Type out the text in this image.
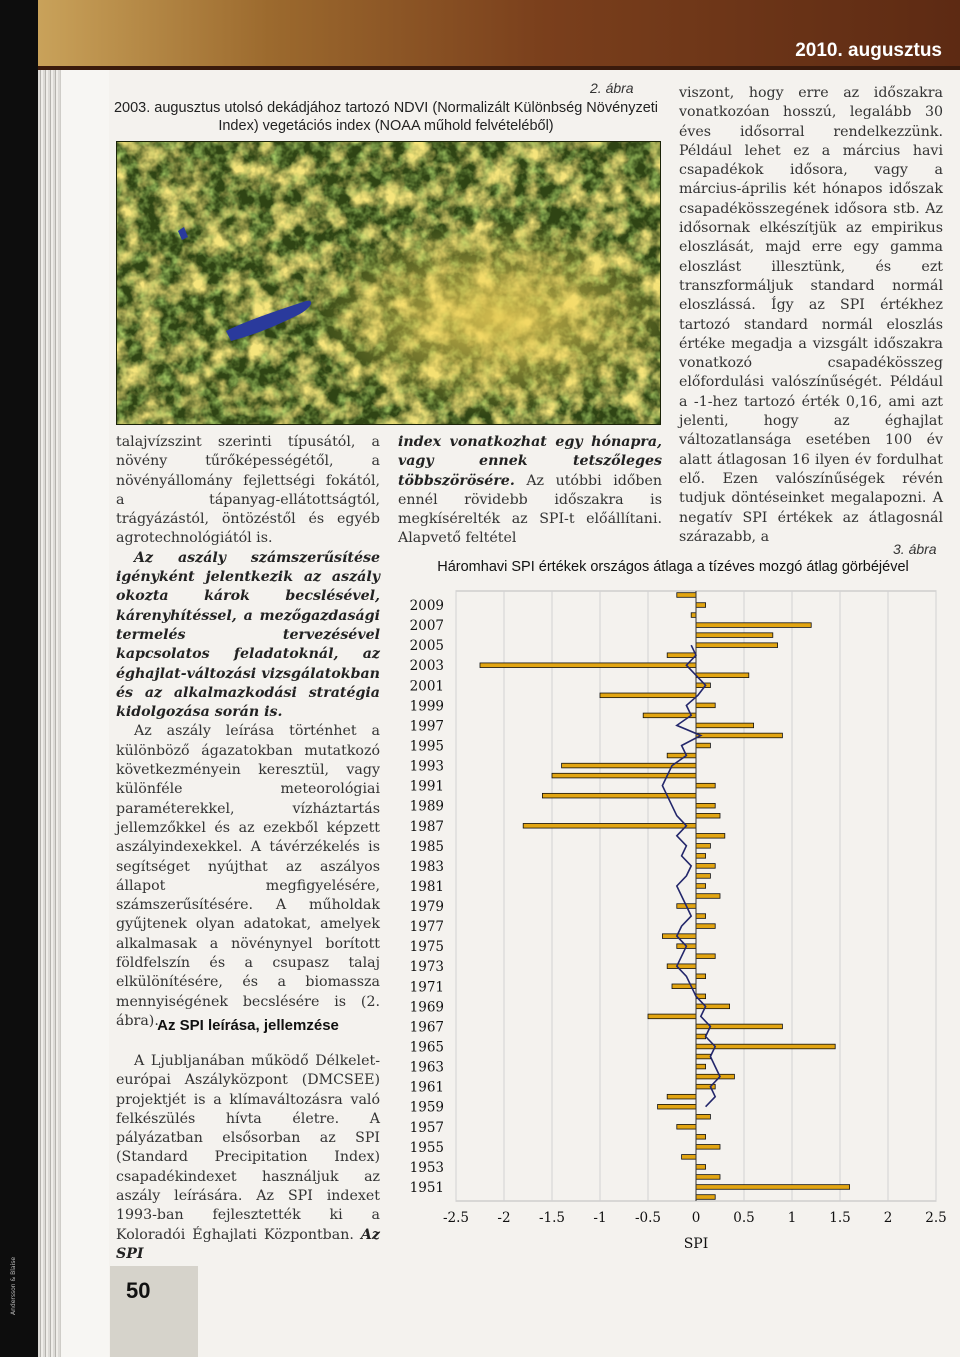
Andersson & Blaise
2010. augusztus
2. ábra
2003. augusztus utolsó dekádjához tartozó NDVI (Normalizált Különbség Növényzeti Index) vegetációs index (NOAA műhold felvételéből)

talajvízszint szerinti típusától, a növény tűrőképességétől, a növényállomány fejlettségi fokától, a tápanyag-ellátottságtól, trágyázástól, öntözéstől és egyéb agrotechnológiától is.

Az aszály számszerűsítése igényként jelentkezik az aszály okozta károk becslésével, kárenyhítéssel, a mezőgazdasági termelés tervezésével kapcsolatos feladatoknál, az éghajlat-változási vizsgálatokban és az alkalmazkodási stratégia kidolgozása során is.

Az aszály leírása történhet a különböző ágazatokban mutatkozó következményein keresztül, vagy különféle meteorológiai paraméterekkel, vízháztartás jellemzőkkel és az ezekből képzett aszályindexekkel. A távérzékelés is segítséget nyújthat az aszályos állapot megfigyelésére, számszerűsítésére. A műholdak gyűjtenek olyan adatokat, amelyek alkalmasak a növénynyel borított földfelszín és a csupasz talaj elkülönítésére, és a biomassza mennyiségének becslésére is (2. ábra).

Az SPI leírása, jellemzése

A Ljubljanában működő Délkelet-európai Aszályközpont (DMCSEE) projektjét is a klímaváltozásra való felkészülés hívta életre. A pályázatban elsősorban az SPI (Standard Precipitation Index) csapadékindexet használjuk az aszály leírására. Az SPI indexet 1993-ban fejlesztették ki a Koloradói Éghajlati Központban. Az SPI

index vonatkozhat egy hónapra, vagy ennek tetszőleges többszörösére. Az utóbbi időben ennél rövidebb időszakra is megkísérelték az SPI-t előállítani. Alapvető feltétel

viszont, hogy erre az időszakra vonatkozóan hosszú, legalább 30 éves idősorral rendelkezzünk. Például lehet ez a március havi csapadékok idősora, vagy a március-április két hónapos időszak csapadékösszegének idősora stb. Az idősornak elkészítjük az empirikus eloszlását, majd erre egy gamma eloszlást illesztünk, és ezt transzformáljuk standard normál eloszlássá. Így az SPI értékhez tartozó standard normál eloszlás értéke megadja a vizsgált időszakra vonatkozó csapadékösszeg előfordulási valószínűségét. Például a -1-hez tartozó érték 0,16, ami azt jelenti, hogy az éghajlat változatlansága esetében 100 év alatt átlagosan 16 ilyen év fordulhat elő. Ezen valószínűségek révén tudjuk döntéseinket megalapozni. A negatív SPI értékek az átlagosnál szárazabb, a

3. ábra
Háromhavi SPI értékek országos átlaga a tízéves mozgó átlag görbéjével
2009
2007
2005
2003
2001
1999
1997
1995
1993
1991
1989
1987
1985
1983
1981
1979
1977
1975
1973
1971
1969
1967
1965
1963
1961
1959
1957
1955
1953
1951
-2.5 -2 -1.5 -1 -0.5 0 0.5 1 1.5 2 2.5
SPI
50
